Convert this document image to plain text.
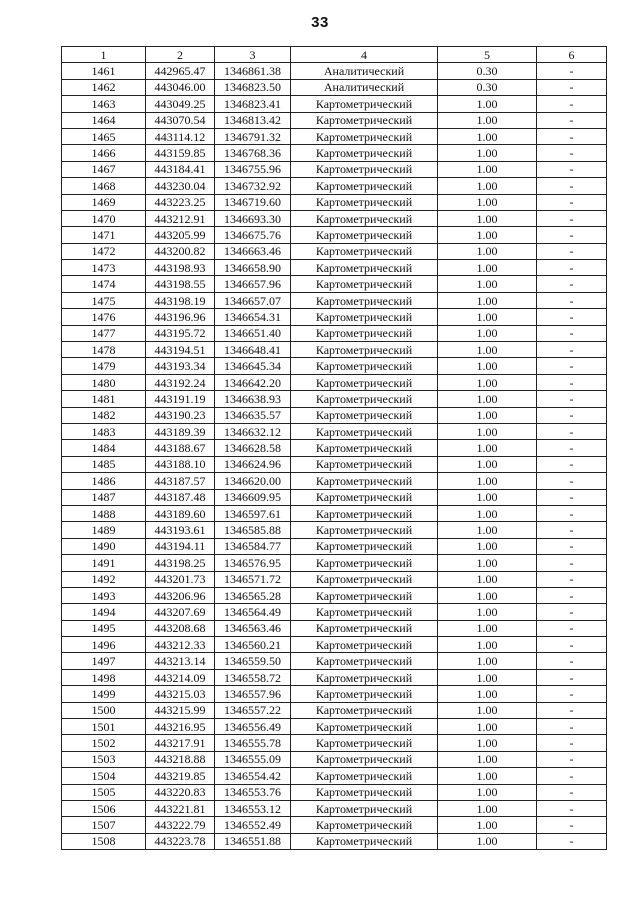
33
1	2	3	4	5	6
1461	442965.47	1346861.38	Аналитический	0.30	-
1462	443046.00	1346823.50	Аналитический	0.30	-
1463	443049.25	1346823.41	Картометрический	1.00	-
1464	443070.54	1346813.42	Картометрический	1.00	-
1465	443114.12	1346791.32	Картометрический	1.00	-
1466	443159.85	1346768.36	Картометрический	1.00	-
1467	443184.41	1346755.96	Картометрический	1.00	-
1468	443230.04	1346732.92	Картометрический	1.00	-
1469	443223.25	1346719.60	Картометрический	1.00	-
1470	443212.91	1346693.30	Картометрический	1.00	-
1471	443205.99	1346675.76	Картометрический	1.00	-
1472	443200.82	1346663.46	Картометрический	1.00	-
1473	443198.93	1346658.90	Картометрический	1.00	-
1474	443198.55	1346657.96	Картометрический	1.00	-
1475	443198.19	1346657.07	Картометрический	1.00	-
1476	443196.96	1346654.31	Картометрический	1.00	-
1477	443195.72	1346651.40	Картометрический	1.00	-
1478	443194.51	1346648.41	Картометрический	1.00	-
1479	443193.34	1346645.34	Картометрический	1.00	-
1480	443192.24	1346642.20	Картометрический	1.00	-
1481	443191.19	1346638.93	Картометрический	1.00	-
1482	443190.23	1346635.57	Картометрический	1.00	-
1483	443189.39	1346632.12	Картометрический	1.00	-
1484	443188.67	1346628.58	Картометрический	1.00	-
1485	443188.10	1346624.96	Картометрический	1.00	-
1486	443187.57	1346620.00	Картометрический	1.00	-
1487	443187.48	1346609.95	Картометрический	1.00	-
1488	443189.60	1346597.61	Картометрический	1.00	-
1489	443193.61	1346585.88	Картометрический	1.00	-
1490	443194.11	1346584.77	Картометрический	1.00	-
1491	443198.25	1346576.95	Картометрический	1.00	-
1492	443201.73	1346571.72	Картометрический	1.00	-
1493	443206.96	1346565.28	Картометрический	1.00	-
1494	443207.69	1346564.49	Картометрический	1.00	-
1495	443208.68	1346563.46	Картометрический	1.00	-
1496	443212.33	1346560.21	Картометрический	1.00	-
1497	443213.14	1346559.50	Картометрический	1.00	-
1498	443214.09	1346558.72	Картометрический	1.00	-
1499	443215.03	1346557.96	Картометрический	1.00	-
1500	443215.99	1346557.22	Картометрический	1.00	-
1501	443216.95	1346556.49	Картометрический	1.00	-
1502	443217.91	1346555.78	Картометрический	1.00	-
1503	443218.88	1346555.09	Картометрический	1.00	-
1504	443219.85	1346554.42	Картометрический	1.00	-
1505	443220.83	1346553.76	Картометрический	1.00	-
1506	443221.81	1346553.12	Картометрический	1.00	-
1507	443222.79	1346552.49	Картометрический	1.00	-
1508	443223.78	1346551.88	Картометрический	1.00	-
